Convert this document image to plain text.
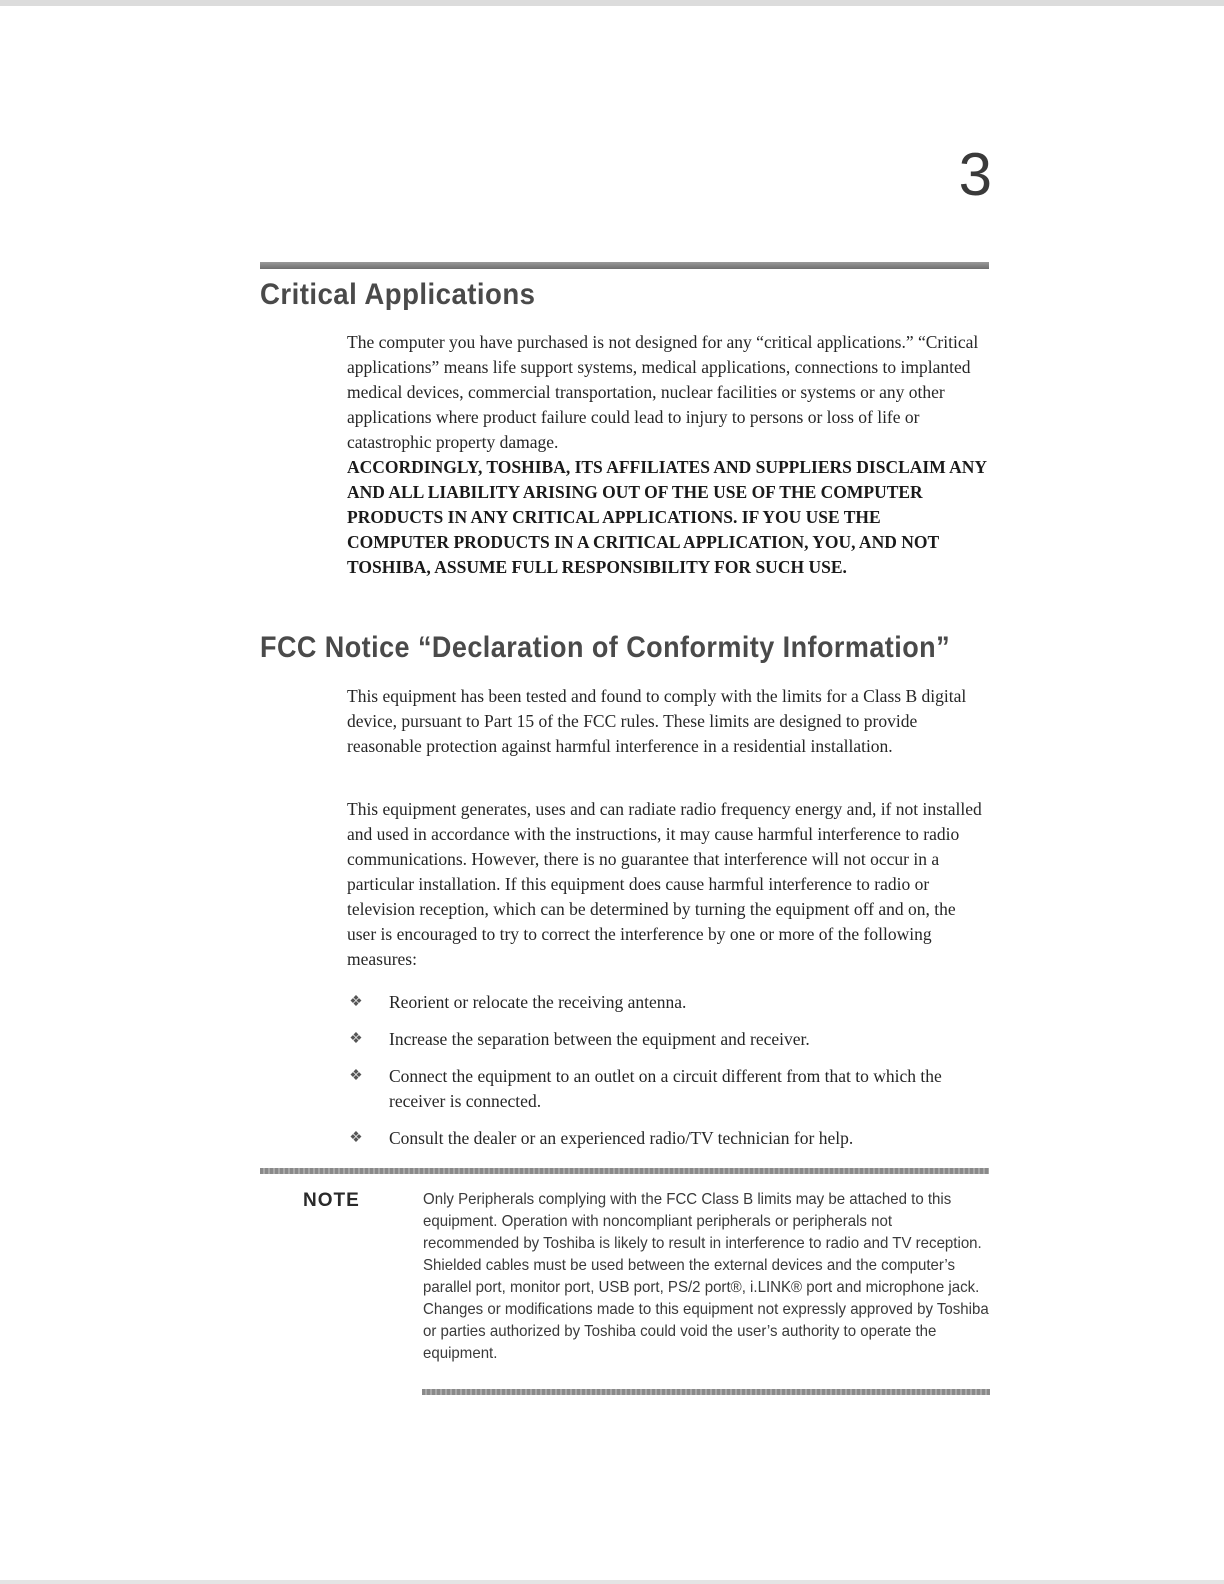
3
Critical Applications

The computer you have purchased is not designed for any “critical applications.” “Critical applications” means life support systems, medical applications, connections to implanted medical devices, commercial transportation, nuclear facilities or systems or any other applications where product failure could lead to injury to persons or loss of life or catastrophic property damage.

ACCORDINGLY, TOSHIBA, ITS AFFILIATES AND SUPPLIERS DISCLAIM ANY AND ALL LIABILITY ARISING OUT OF THE USE OF THE COMPUTER PRODUCTS IN ANY CRITICAL APPLICATIONS. IF YOU USE THE COMPUTER PRODUCTS IN A CRITICAL APPLICATION, YOU, AND NOT TOSHIBA, ASSUME FULL RESPONSIBILITY FOR SUCH USE.

FCC Notice “Declaration of Conformity Information”

This equipment has been tested and found to comply with the limits for a Class B digital device, pursuant to Part 15 of the FCC rules. These limits are designed to provide reasonable protection against harmful interference in a residential installation.

This equipment generates, uses and can radiate radio frequency energy and, if not installed and used in accordance with the instructions, it may cause harmful interference to radio communications. However, there is no guarantee that interference will not occur in a particular installation. If this equipment does cause harmful interference to radio or television reception, which can be determined by turning the equipment off and on, the user is encouraged to try to correct the interference by one or more of the following measures:

❖ Reorient or relocate the receiving antenna.
❖ Increase the separation between the equipment and receiver.
❖ Connect the equipment to an outlet on a circuit different from that to which the receiver is connected.
❖ Consult the dealer or an experienced radio/TV technician for help.
NOTE	Only Peripherals complying with the FCC Class B limits may be attached to this equipment. Operation with noncompliant peripherals or peripherals not recommended by Toshiba is likely to result in interference to radio and TV reception. Shielded cables must be used between the external devices and the computer’s parallel port, monitor port, USB port, PS/2 port®, i.LINK® port and microphone jack. Changes or modifications made to this equipment not expressly approved by Toshiba or parties authorized by Toshiba could void the user’s authority to operate the equipment.
